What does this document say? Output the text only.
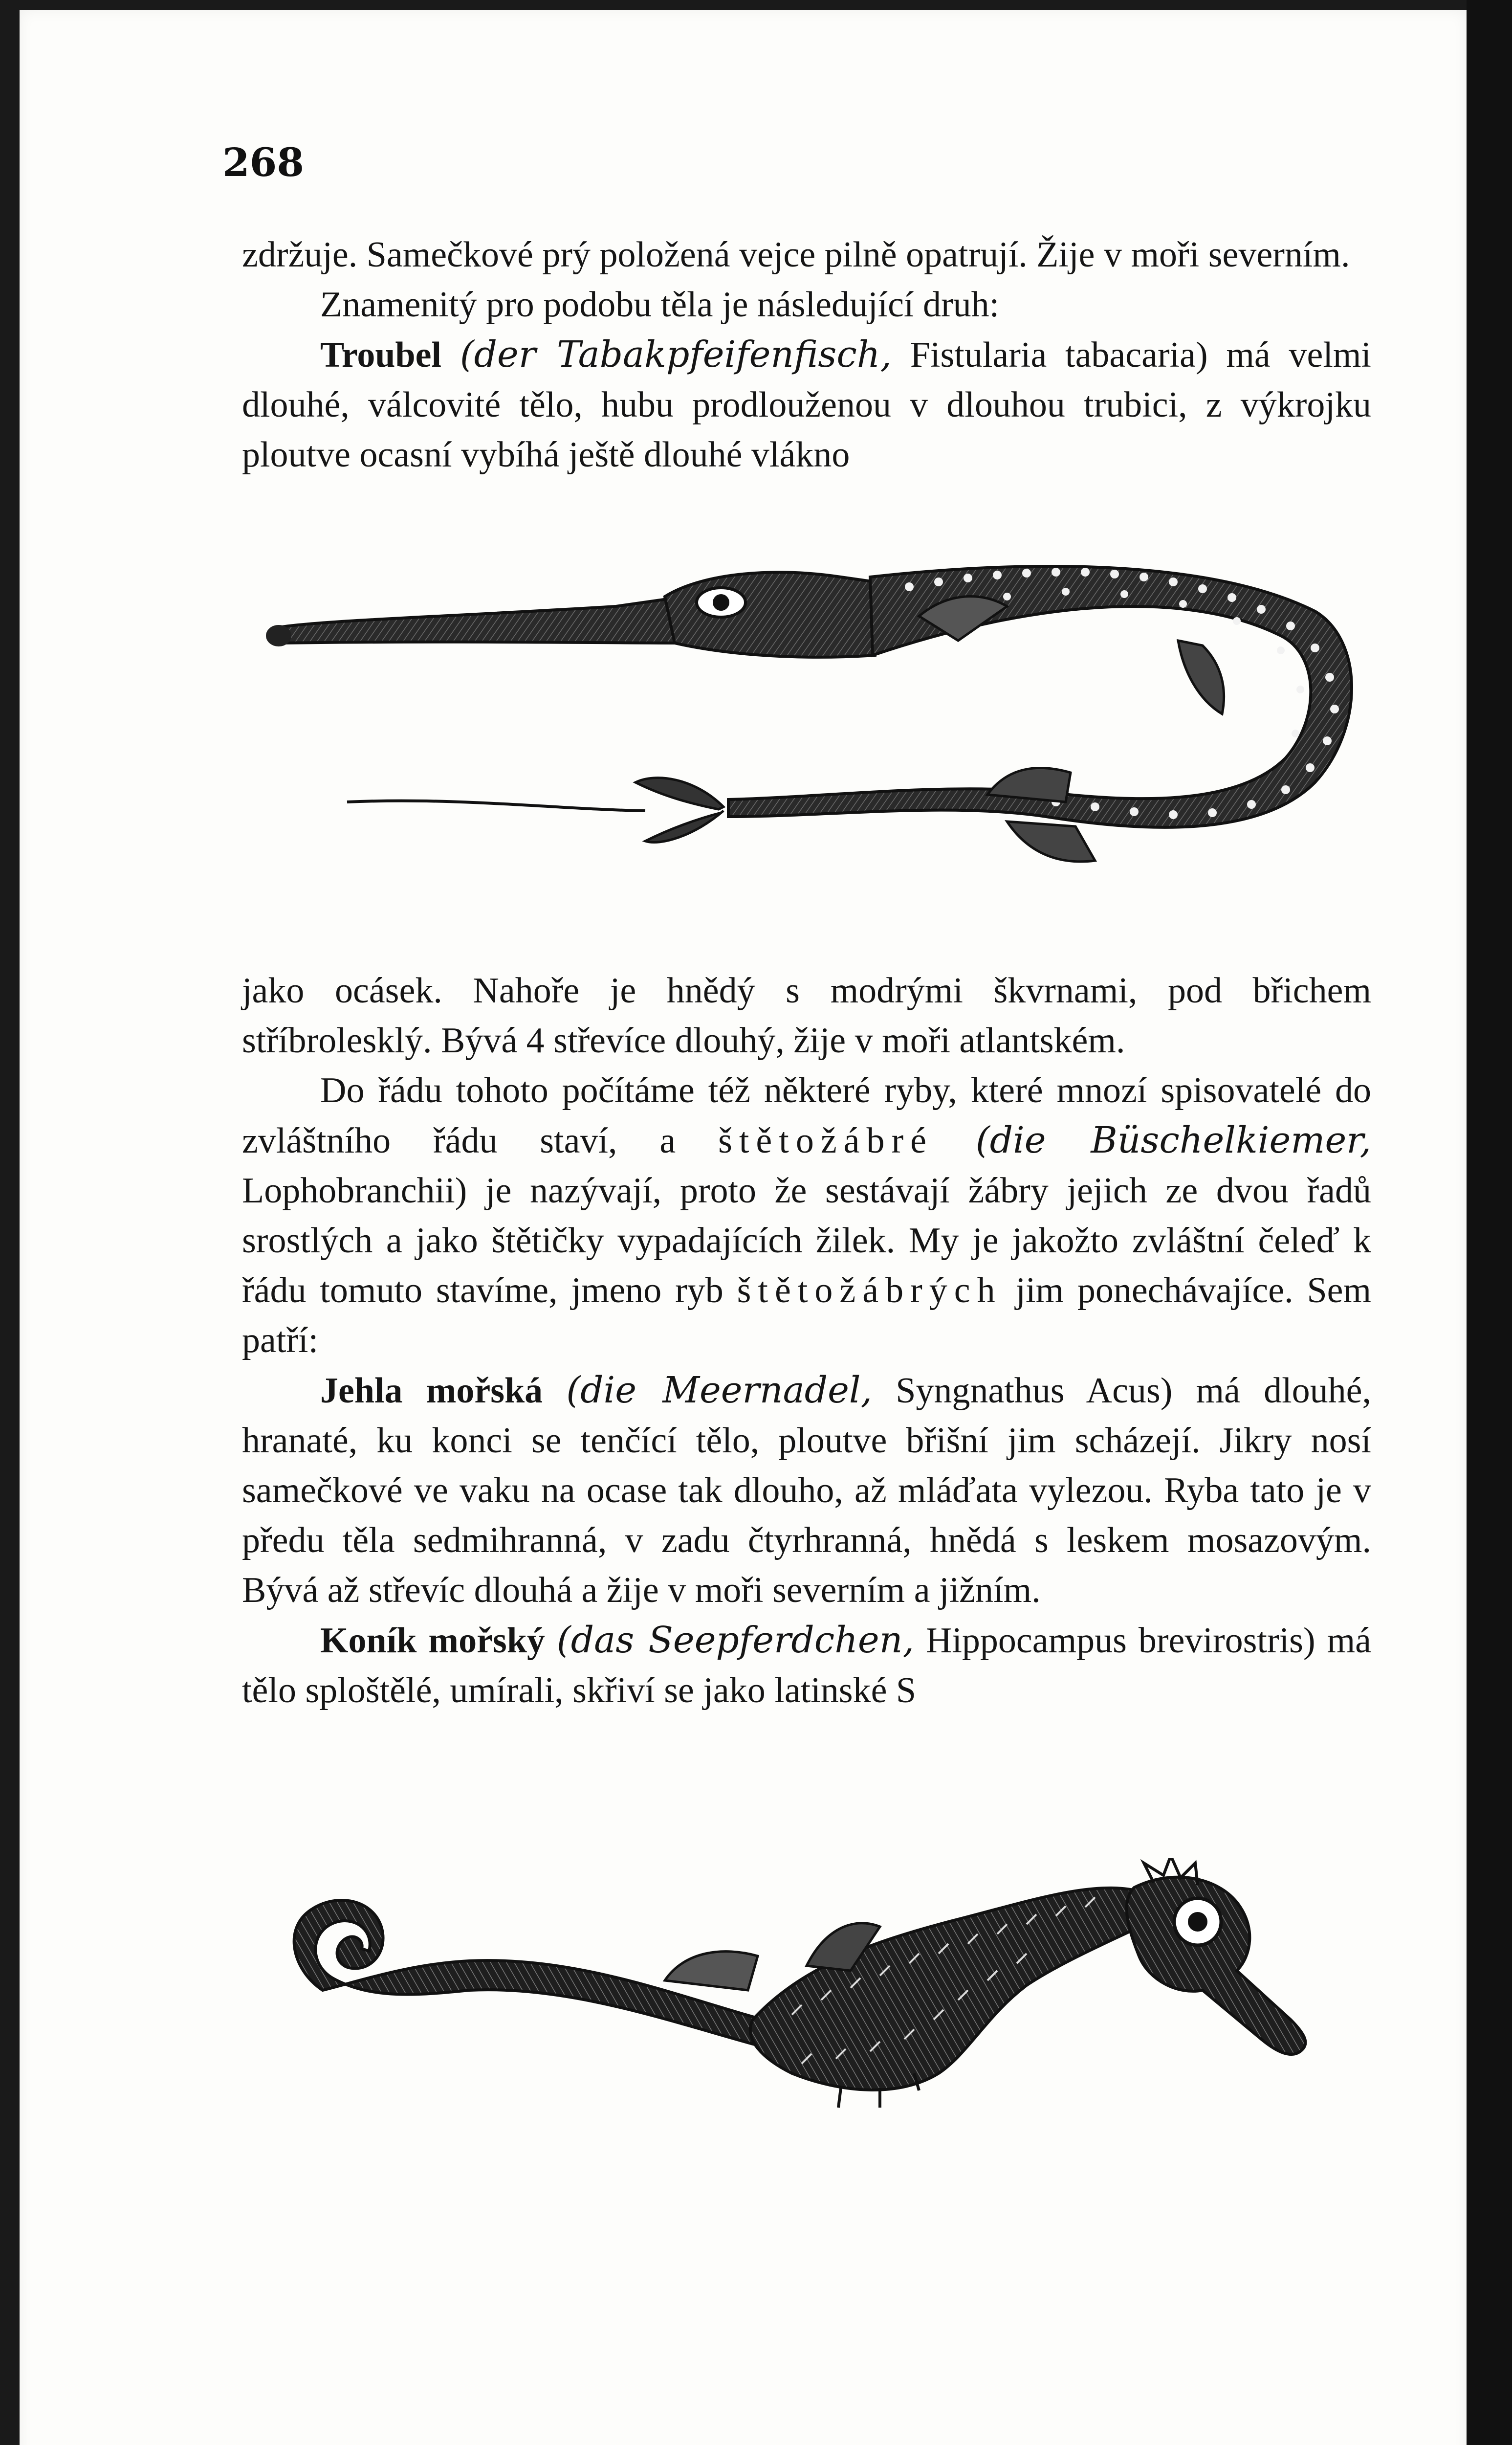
268

zdržuje. Samečkové prý položená vejce pilně opatrují. Žije v moři severním.

Znamenitý pro podobu těla je následující druh:

Troubel (der Tabakpfeifenfisch, Fistularia tabacaria) má velmi dlouhé, válcovité tělo, hubu prodlouženou v dlouhou trubici, z výkrojku ploutve ocasní vybíhá ještě dlouhé vlákno

jako ocásek. Nahoře je hnědý s modrými škvrnami, pod břichem stříbrolesklý. Bývá 4 střevíce dlouhý, žije v moři atlantském.

Do řádu tohoto počítáme též některé ryby, které mnozí spisovatelé do zvláštního řádu staví, a štětožábré (die Büschelkiemer, Lophobranchii) je nazývají, proto že sestávají žábry jejich ze dvou řadů srostlých a jako štětičky vypadajících žilek. My je jakožto zvláštní čeleď k řádu tomuto stavíme, jmeno ryb štětožábrých jim ponechávajíce. Sem patří:

Jehla mořská (die Meernadel, Syngnathus Acus) má dlouhé, hranaté, ku konci se tenčící tělo, ploutve břišní jim scházejí. Jikry nosí samečkové ve vaku na ocase tak dlouho, až mláďata vylezou. Ryba tato je v předu těla sedmihranná, v zadu čtyrhranná, hnědá s leskem mosazovým. Bývá až střevíc dlouhá a žije v moři severním a jižním.

Koník mořský (das Seepferdchen, Hippocampus brevirostris) má tělo sploštělé, umírali, skřiví se jako latinské S
